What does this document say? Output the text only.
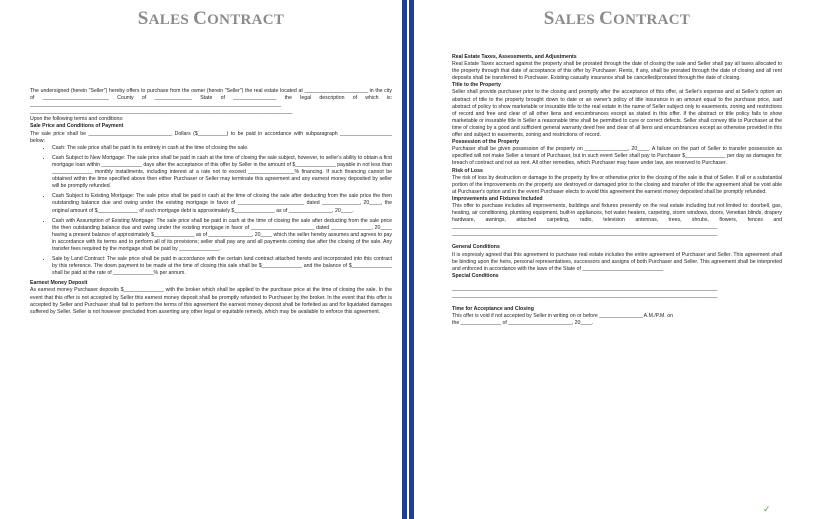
SALES CONTRACT

The undersigned (herein "Seller") hereby offers to purchase from the owner (herein "Seller") the real estate located at ______________________ in the city of _______________________ County of _____________ State of _______________ the legal description of which is: _______________________________________________________________________________________ ___________________________________________________________________________________________

Upon the following terms and conditions:

Sale Price and Conditions of Payment

The sale price shall be _____________________________ Dollars ($__________) to be paid in accordance with subparagraph __________________ below:

• Cash: The sale price shall be paid in its entirety in cash at the time of closing the sale.
• Cash Subject to New Mortgage: The sale price shall be paid in cash at the time of closing the sale subject, however, to seller's ability to obtain a first mortgage loan within ______________ days after the acceptance of this offer by Seller in the amount of $______________ payable in not less than ______________ monthly installments, including interest at a rate not to exceed ________________% financing. If such financing cannot be obtained within the time specified above then either Purchaser or Seller may terminate this agreement and any earnest money deposited by seller will be promptly refunded.
• Cash Subject to Existing Mortgage: The sale price shall be paid in cash at the time of closing the sale after deducting from the sale price the then outstanding balance due and owing under the existing mortgage in favor of _______________________ dated _____________, 20____, the original amount of $______________ of such mortgage debt is approximately $______________ as of _______________, 20____.
• Cash with Assumption of Existing Mortgage: The sale price shall be paid in cash at the time of closing the sale after deducting from the sale price the then outstanding balance due and owing under the existing mortgage in favor of ______________________ dated ______________, 20____ having a present balance of approximately $______________ as of _______________, 20____ which the seller hereby assumes and agrees to pay in accordance with its terms and to perform all of its provisions; seller shall pay any and all payments coming due after the closing of the sale. Any transfer fees required by the mortgage shall be paid by ______________.
• Sale by Land Contract: The sale price shall be paid in accordance with the certain land contract attached hereto and incorporated into this contract by this reference. The down payment to be made at the time of closing this sale shall be $______________ and the balance of $______________ shall be paid at the rate of ______________% per annum.

Earnest Money Deposit

As earnest money Purchaser deposits $______________ with the broker which shall be applied to the purchase price at the time of closing the sale. In the event that this offer is not accepted by Seller this earnest money deposit shall be promptly refunded to Purchaser by the broker. In the event that this offer is accepted by Seller and Purchaser shall fail to perform the terms of this agreement the earnest money deposit shall be forfeited as and for liquidated damages suffered by Seller. Seller is not however precluded from asserting any other legal or equitable remedy, which may be available to enforce this agreement.

SALES CONTRACT

Real Estate Taxes, Assessments, and Adjustments

Real Estate Taxes accrued against the property shall be prorated through the date of closing the sale and Seller shall pay all taxes allocated to the property through that date of acceptance of this offer by Purchaser. Rents, if any, shall be prorated through the date of closing and all rent deposits shall be transferred to Purchaser. Existing casualty insurance shall be cancelled/prorated through the date of closing.

Title to the Property

Seller shall provide purchaser prior to the closing and promptly after the acceptance of this offer, at Seller's expense and at Seller's option an abstract of title to the property brought down to date or an owner's policy of title insurance in an amount equal to the purchase price, said abstract of policy to show marketable or insurable title to the real estate in the name of Seller subject only to easements, zoning and restrictions of record and free and clear of all other liens and encumbrances except as stated in this offer. If the abstract or title policy fails to show marketable or insurable title in Seller a reasonable time shall be permitted to cure or correct defects. Seller shall convey title to Purchaser at the time of closing by a good and sufficient general warranty deed free and clear of all liens and encumbrances except as otherwise provided in this offer and subject to easements, zoning and restrictions of record.

Possession of the Property

Purchaser shall be given possession of the property on _______________, 20____. A failure on the part of Seller to transfer possession as specified will not make Seller a tenant of Purchaser, but in such event Seller shall pay to Purchaser $______________ per day as damages for breach of contract and not as rent. All other remedies, which Purchaser may have under law, are reserved to Purchaser.

Risk of Loss

The risk of loss by destruction or damage to the property by fire or otherwise prior to the closing of the sale is that of Seller. If all or a substantial portion of the improvements on the property are destroyed or damaged prior to the closing and transfer of title the agreement shall be void able at Purchaser's option and in the event Purchaser elects to avoid this agreement the earnest money deposited shall be promptly refunded.

Improvements and Fixtures Included

This offer to purchase includes all improvements, buildings and fixtures presently on the real estate including but not limited to: doorbell, gas, heating, air conditioning, plumbing equipment, built-in appliances, hot water heaters, carpeting, storm windows, doors, Venetian blinds, drapery hardware, awnings, attached carpeting, radio, television antennas, trees, shrubs, flowers, fences and ____________________________________________________________________________________________ ____________________________________________________________________________________________

General Conditions

It is expressly agreed that this agreement to purchase real estate includes the entire agreement of Purchaser and Seller. This agreement shall be binding upon the heirs, personal representatives, successors and assigns of both Purchaser and Seller. This agreement shall be interpreted and enforced in accordance with the laws of the State of ____________________________

Special Conditions

____________________________________________________________________________________________ ____________________________________________________________________________________________

Time for Acceptance and Closing

This offer is void if not accepted by Seller in writing on or before _______________ A.M./P.M. on

the ______________ of ______________________, 20____.

✓
